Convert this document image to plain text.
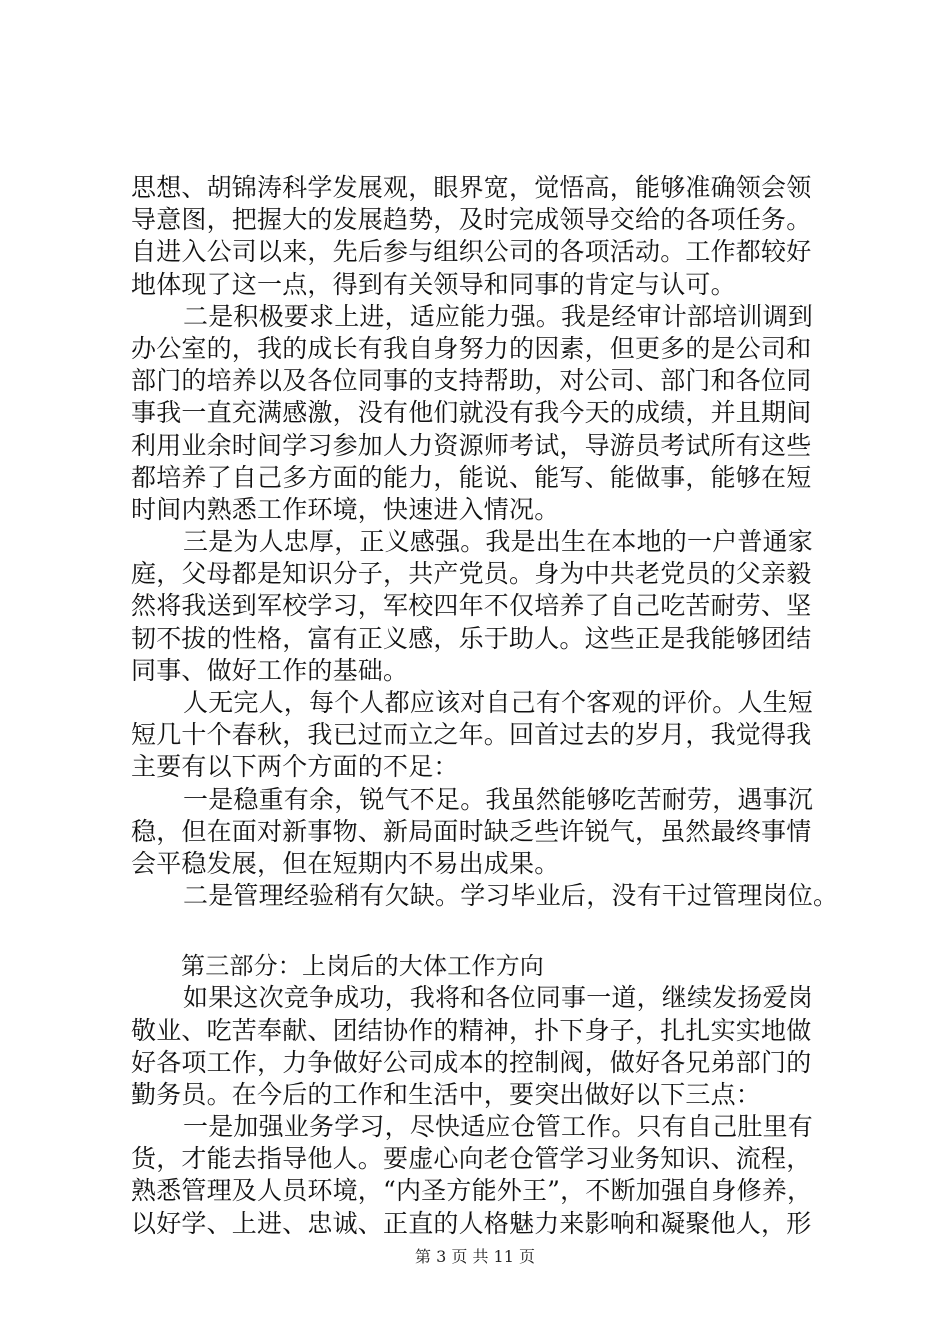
思想、胡锦涛科学发展观，眼界宽，觉悟高，能够准确领会领
导意图，把握大的发展趋势，及时完成领导交给的各项任务。
自进入公司以来，先后参与组织公司的各项活动。工作都较好
地体现了这一点，得到有关领导和同事的肯定与认可。
二是积极要求上进，适应能力强。我是经审计部培训调到
办公室的，我的成长有我自身努力的因素，但更多的是公司和
部门的培养以及各位同事的支持帮助，对公司、部门和各位同
事我一直充满感激，没有他们就没有我今天的成绩，并且期间
利用业余时间学习参加人力资源师考试，导游员考试所有这些
都培养了自己多方面的能力，能说、能写、能做事，能够在短
时间内熟悉工作环境，快速进入情况。
三是为人忠厚，正义感强。我是出生在本地的一户普通家
庭，父母都是知识分子，共产党员。身为中共老党员的父亲毅
然将我送到军校学习，军校四年不仅培养了自己吃苦耐劳、坚
韧不拔的性格，富有正义感，乐于助人。这些正是我能够团结
同事、做好工作的基础。
人无完人，每个人都应该对自己有个客观的评价。人生短
短几十个春秋，我已过而立之年。回首过去的岁月，我觉得我
主要有以下两个方面的不足：
一是稳重有余，锐气不足。我虽然能够吃苦耐劳，遇事沉
稳，但在面对新事物、新局面时缺乏些许锐气，虽然最终事情
会平稳发展，但在短期内不易出成果。
二是管理经验稍有欠缺。学习毕业后，没有干过管理岗位。
第三部分：上岗后的大体工作方向
如果这次竞争成功，我将和各位同事一道，继续发扬爱岗
敬业、吃苦奉献、团结协作的精神，扑下身子，扎扎实实地做
好各项工作，力争做好公司成本的控制阀，做好各兄弟部门的
勤务员。在今后的工作和生活中，要突出做好以下三点：
一是加强业务学习，尽快适应仓管工作。只有自己肚里有
货，才能去指导他人。要虚心向老仓管学习业务知识、流程，
熟悉管理及人员环境，“内圣方能外王”，不断加强自身修养，
以好学、上进、忠诚、正直的人格魅力来影响和凝聚他人，形
第 3 页 共 11 页
